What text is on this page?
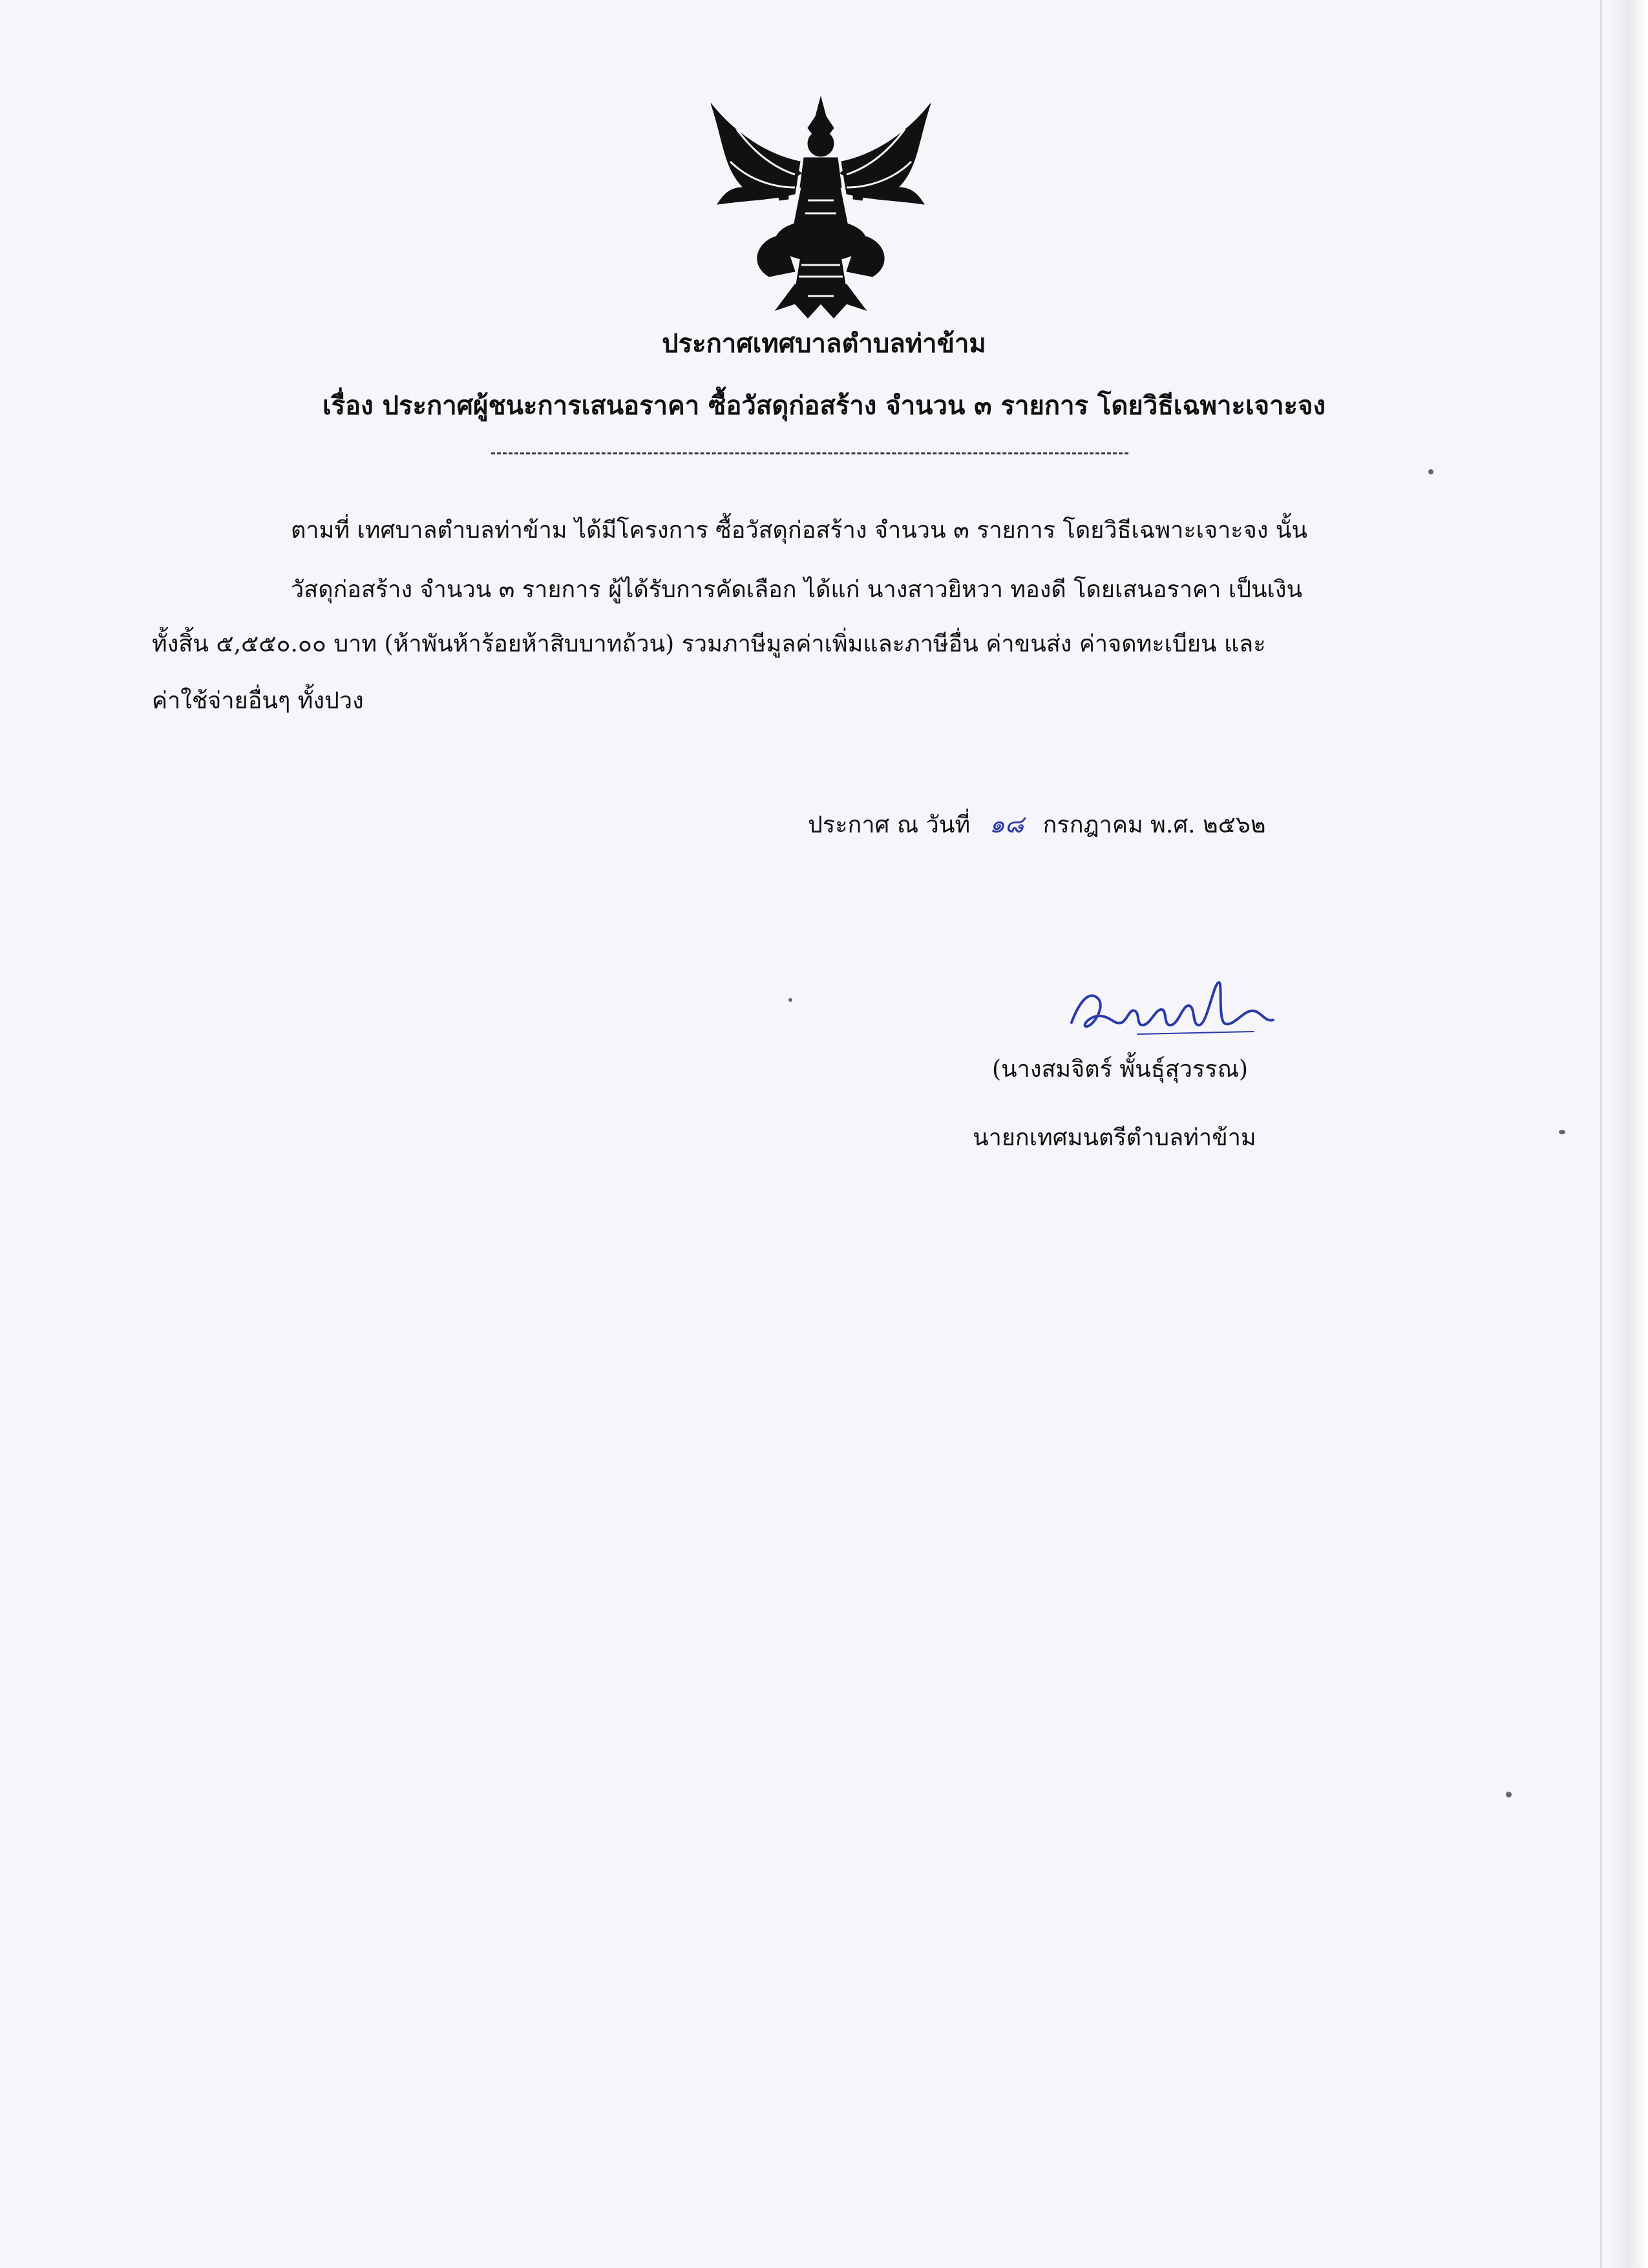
ประกาศเทศบาลตำบลท่าข้าม
เรื่อง ประกาศผู้ชนะการเสนอราคา ซื้อวัสดุก่อสร้าง จำนวน ๓ รายการ โดยวิธีเฉพาะเจาะจง
ตามที่ เทศบาลตำบลท่าข้าม ได้มีโครงการ ซื้อวัสดุก่อสร้าง จำนวน ๓ รายการ โดยวิธีเฉพาะเจาะจง นั้น
วัสดุก่อสร้าง จำนวน ๓ รายการ ผู้ได้รับการคัดเลือก ได้แก่ นางสาวยิหวา ทองดี โดยเสนอราคา เป็นเงิน
ทั้งสิ้น ๕,๕๕๐.๐๐ บาท (ห้าพันห้าร้อยห้าสิบบาทถ้วน) รวมภาษีมูลค่าเพิ่มและภาษีอื่น ค่าขนส่ง ค่าจดทะเบียน และ
ค่าใช้จ่ายอื่นๆ ทั้งปวง
ประกาศ ณ วันที่ ๑๘ กรกฎาคม พ.ศ. ๒๕๖๒
(นางสมจิตร์ พั้นธุ์สุวรรณ)
นายกเทศมนตรีตำบลท่าข้าม
